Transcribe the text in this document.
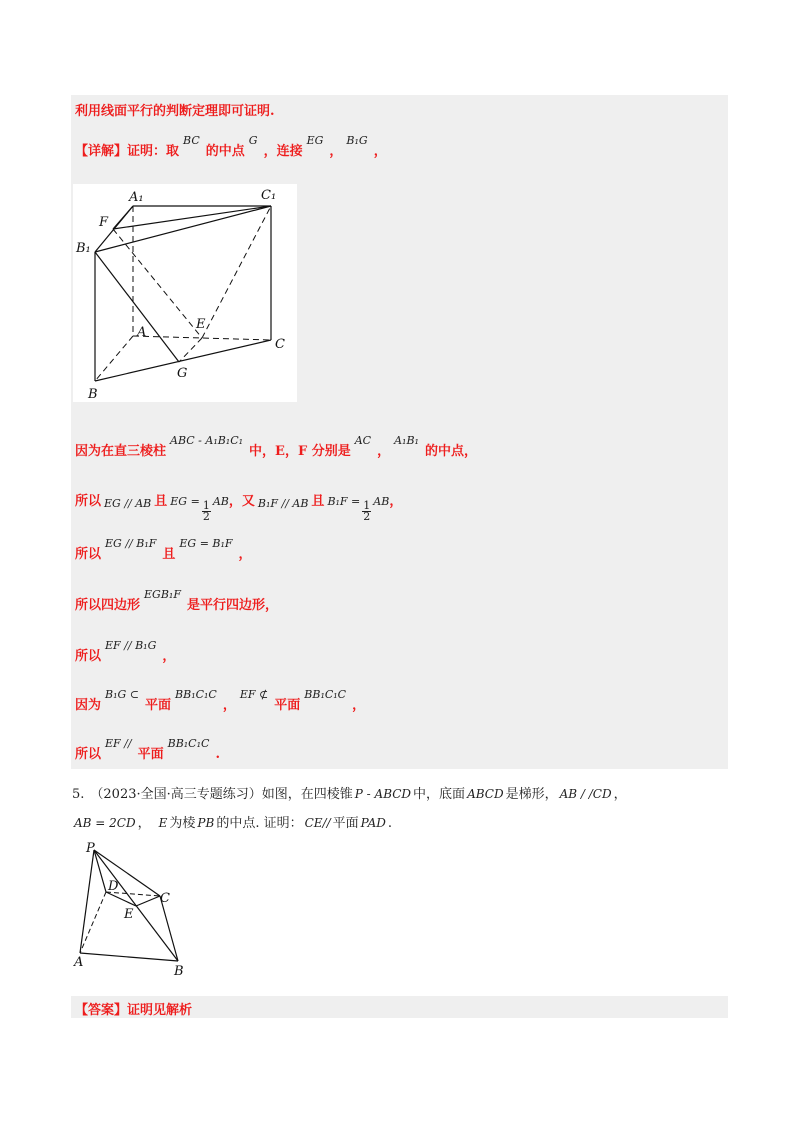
利用线面平行的判断定理即可证明.
【详解】 证明：取
BC
的中点
G
，连接
EG
，
B₁G
，
A₁	C₁
F
B₁
A
E
C
G
B
因为在直三棱柱
ABC - A₁B₁C₁
中，E，F 分别是
AC
，
A₁B₁
的中点，
所以 EG // AB 且 EG = $\frac{1}{2}$ AB ，又 B₁F // AB 且 $B_1F = \frac{1}{2}$ AB ，
所以
EG // B₁F
且
EG = B₁F
，
所以四边形
EGB₁F
是平行四边形，
所以
EF // B₁G
，
因为
B₁G ⊂
平面
BB₁C₁C
，
EF ⊄
平面
BB₁C₁C
，
所以
EF //
平面
BB₁C₁C
.
5. （2023·全国·高三专题练习）如图，在四棱锥 P - ABCD 中，底面 ABCD 是梯形， AB / /CD ，
AB = 2CD ， E 为棱 PB 的中点. 证明： CE// 平面 PAD .
P
D
C
E
A
B
【答案】 证明见解析
